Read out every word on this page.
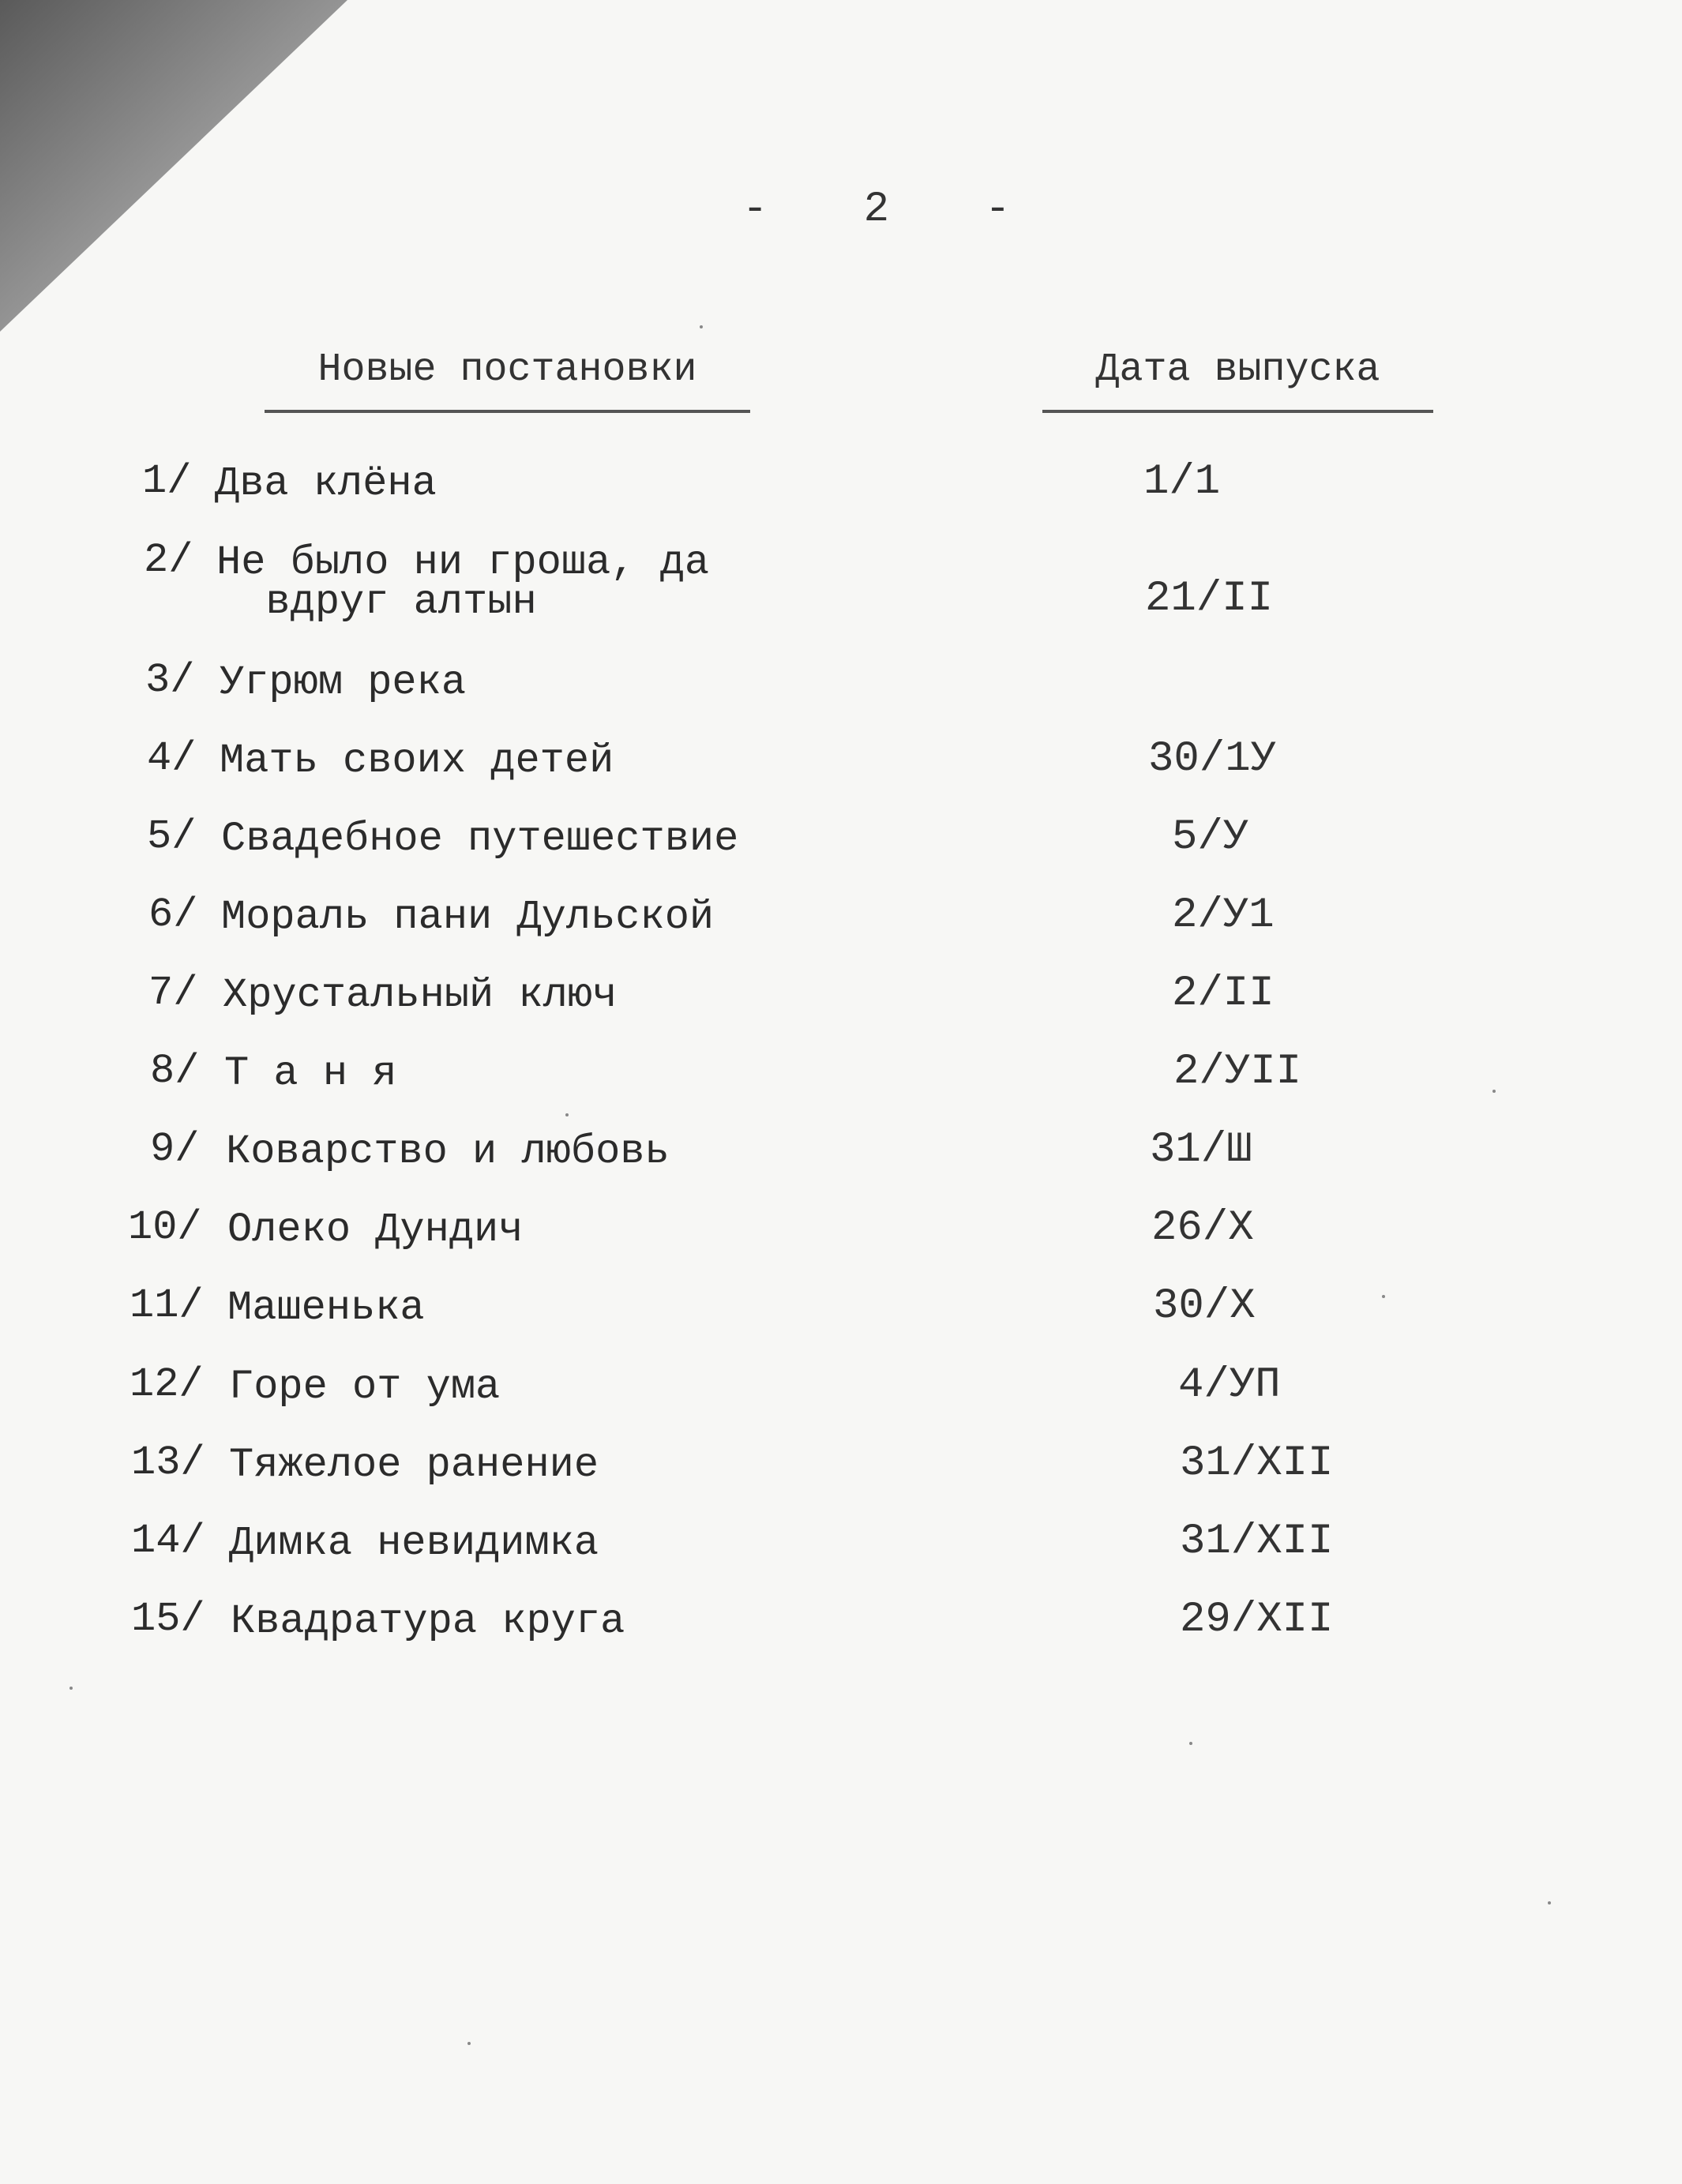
-   2   -
Новые постановки	Дата выпуска
1/ Два клёна	1/1
2/ Не было ни гроша, да
вдруг алтын	21/II
3/ Угрюм река
4/ Мать своих детей	30/1У
5/ Свадебное путешествие	5/У
6/ Мораль пани Дульской	2/У1
7/ Хрустальный ключ	2/II
8/ Т а н я	2/УII
9/ Коварство и любовь	31/Ш
10/ Олеко Дундич	26/X
11/ Машенька	30/X
12/ Горе от ума	4/УП
13/ Тяжелое ранение	31/XII
14/ Димка невидимка	31/XII
15/ Квадратура круга	29/XII
